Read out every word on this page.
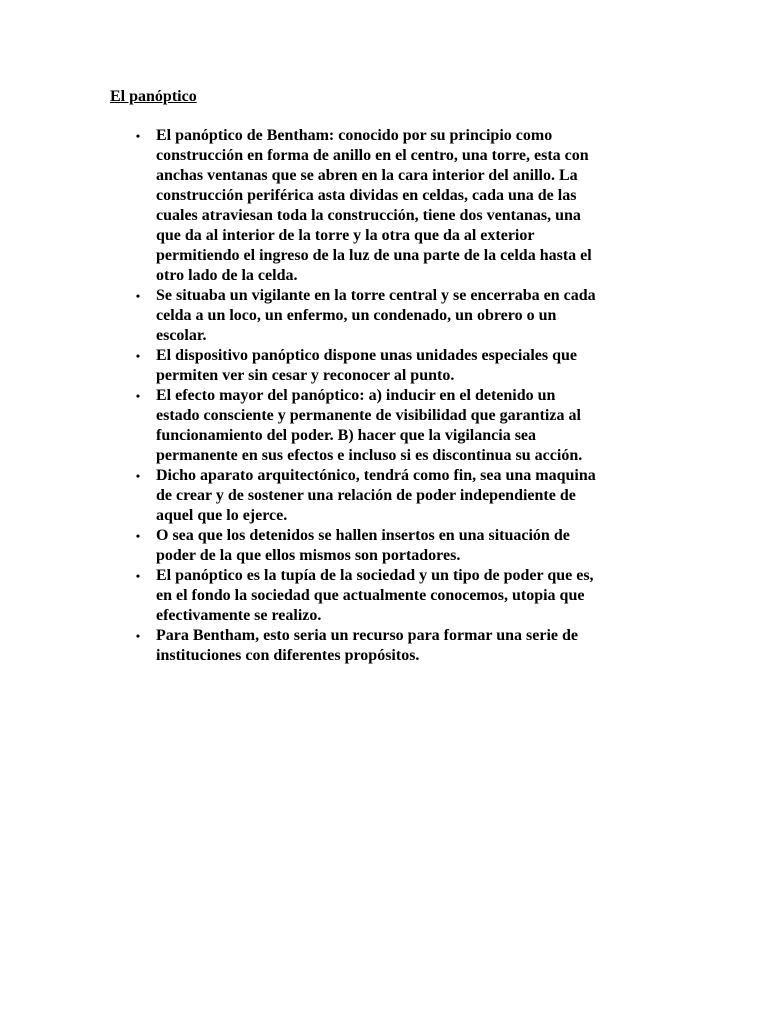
El panóptico
• El panóptico de Bentham: conocido por su principio como
construcción en forma de anillo en el centro, una torre, esta con
anchas ventanas que se abren en la cara interior del anillo. La
construcción periférica asta dividas en celdas, cada una de las
cuales atraviesan toda la construcción, tiene dos ventanas, una
que da al interior de la torre y la otra que da al exterior
permitiendo el ingreso de la luz de una parte de la celda hasta el
otro lado de la celda.
• Se situaba un vigilante en la torre central y se encerraba en cada
celda a un loco, un enfermo, un condenado, un obrero o un
escolar.
• El dispositivo panóptico dispone unas unidades especiales que
permiten ver sin cesar y reconocer al punto.
• El efecto mayor del panóptico: a) inducir en el detenido un
estado consciente y permanente de visibilidad que garantiza al
funcionamiento del poder. B) hacer que la vigilancia sea
permanente en sus efectos e incluso si es discontinua su acción.
• Dicho aparato arquitectónico, tendrá como fin, sea una maquina
de crear y de sostener una relación de poder independiente de
aquel que lo ejerce.
• O sea que los detenidos se hallen insertos en una situación de
poder de la que ellos mismos son portadores.
• El panóptico es la tupía de la sociedad y un tipo de poder que es,
en el fondo la sociedad que actualmente conocemos, utopia que
efectivamente se realizo.
• Para Bentham, esto seria un recurso para formar una serie de
instituciones con diferentes propósitos.
